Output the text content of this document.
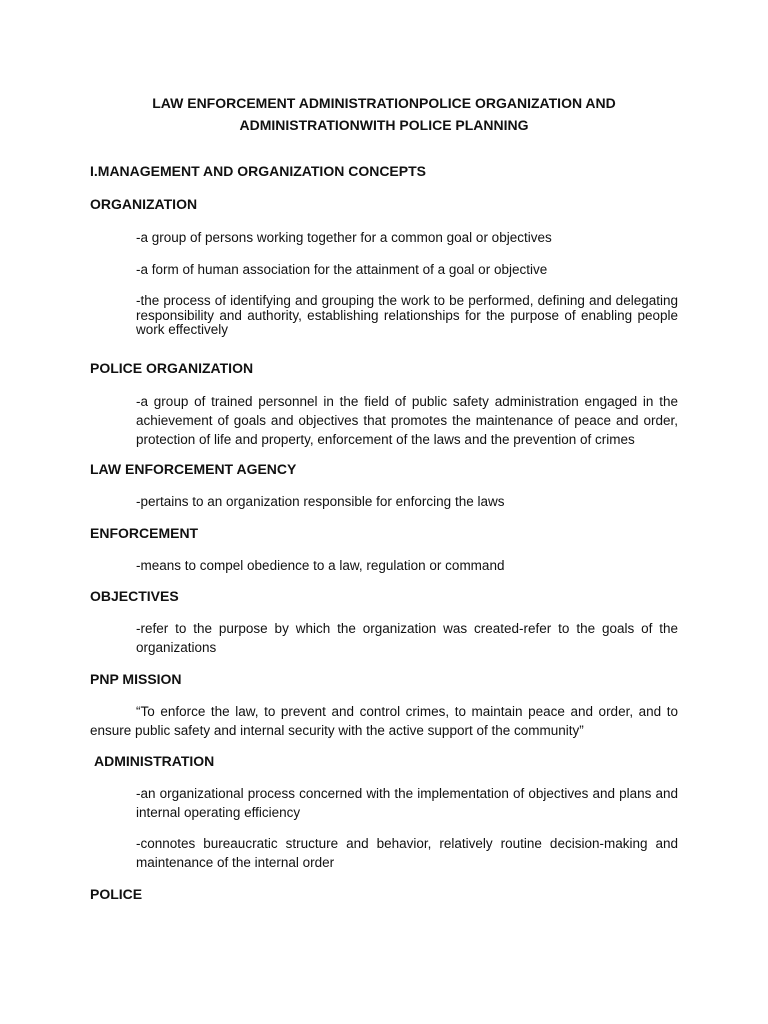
LAW ENFORCEMENT ADMINISTRATIONPOLICE ORGANIZATION AND ADMINISTRATIONWITH POLICE PLANNING
I.MANAGEMENT AND ORGANIZATION CONCEPTS
ORGANIZATION
-a group of persons working together for a common goal or objectives
-a form of human association for the attainment of a goal or objective
-the process of identifying and grouping the work to be performed, defining and delegating responsibility and authority, establishing relationships for the purpose of enabling people work effectively
POLICE ORGANIZATION
-a group of trained personnel in the field of public safety administration engaged in the achievement of goals and objectives that promotes the maintenance of peace and order, protection of life and property, enforcement of the laws and the prevention of crimes
LAW ENFORCEMENT AGENCY
-pertains to an organization responsible for enforcing the laws
ENFORCEMENT
-means to compel obedience to a law, regulation or command
OBJECTIVES
-refer to the purpose by which the organization was created-refer to the goals of the organizations
PNP MISSION
“To enforce the law, to prevent and control crimes, to maintain peace and order, and to ensure public safety and internal security with the active support of the community”
ADMINISTRATION
-an organizational process concerned with the implementation of objectives and plans and internal operating efficiency
-connotes bureaucratic structure and behavior, relatively routine decision-making and maintenance of the internal order
POLICE
